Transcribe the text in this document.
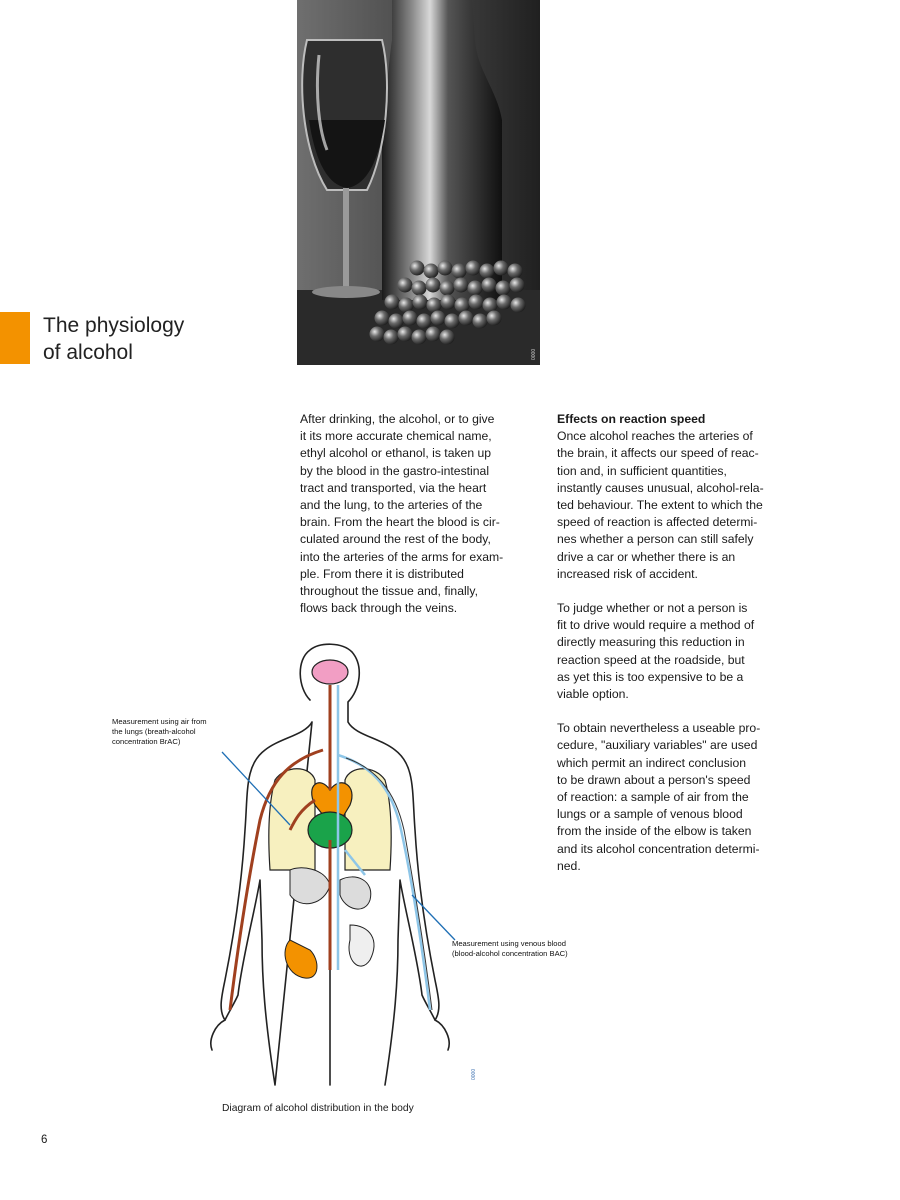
The physiology
of alcohol	0000
After drinking, the alcohol, or to give
it its more accurate chemical name,
ethyl alcohol or ethanol, is taken up
by the blood in the gastro-intestinal
tract and transported, via the heart
and the lung, to the arteries of the
brain. From the heart the blood is cir-
culated around the rest of the body,
into the arteries of the arms for exam-
ple. From there it is distributed
throughout the tissue and, finally,
flows back through the veins.
Effects on reaction speed
Once alcohol reaches the arteries of
the brain, it affects our speed of reac-
tion and, in sufficient quantities,
instantly causes unusual, alcohol-rela-
ted behaviour. The extent to which the
speed of reaction is affected determi-
nes whether a person can still safely
drive a car or whether there is an
increased risk of accident.
To judge whether or not a person is
fit to drive would require a method of
directly measuring this reduction in
reaction speed at the roadside, but
as yet this is too expensive to be a
viable option.
To obtain nevertheless a useable pro-
cedure, "auxiliary variables" are used
which permit an indirect conclusion
to be drawn about a person's speed
of reaction: a sample of air from the
lungs or a sample of venous blood
from the inside of the elbow is taken
and its alcohol concentration determi-
ned.
0000
Measurement using air from
the lungs (breath-alcohol
concentration BrAC)
Measurement using venous blood
(blood-alcohol concentration BAC)
Diagram of alcohol distribution in the body
6
